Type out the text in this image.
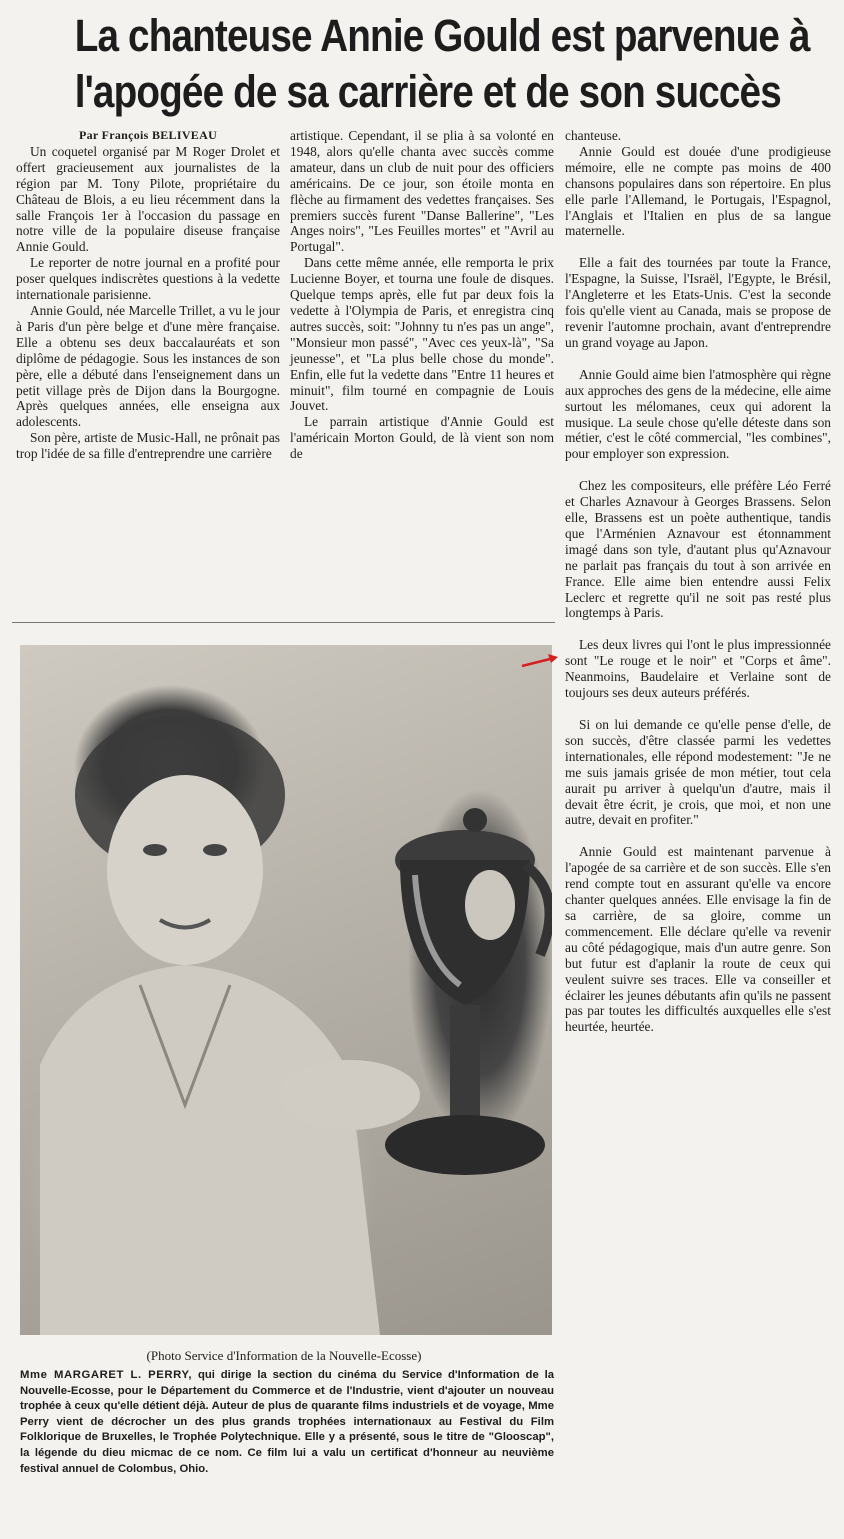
La chanteuse Annie Gould est parvenue à
l'apogée de sa carrière et de son succès
Par François BELIVEAU

Un coquetel organisé par M Roger Drolet et offert gracieusement aux journalistes de la région par M. Tony Pilote, propriétaire du Château de Blois, a eu lieu récemment dans la salle François 1er à l'occasion du passage en notre ville de la populaire diseuse française Annie Gould.

Le reporter de notre journal en a profité pour poser quelques indiscrètes questions à la vedette internationale parisienne.

Annie Gould, née Marcelle Trillet, a vu le jour à Paris d'un père belge et d'une mère française. Elle a obtenu ses deux baccalauréats et son diplôme de pédagogie. Sous les instances de son père, elle a débuté dans l'enseignement dans un petit village près de Dijon dans la Bourgogne. Après quelques années, elle enseigna aux adolescents.

Son père, artiste de Music-Hall, ne prônait pas trop l'idée de sa fille d'entreprendre une carrière

artistique. Cependant, il se plia à sa volonté en 1948, alors qu'elle chanta avec succès comme amateur, dans un club de nuit pour des officiers américains. De ce jour, son étoile monta en flèche au firmament des vedettes françaises. Ses premiers succès furent "Danse Ballerine", "Les Anges noirs", "Les Feuilles mortes" et "Avril au Portugal".

Dans cette même année, elle remporta le prix Lucienne Boyer, et tourna une foule de disques. Quelque temps après, elle fut par deux fois la vedette à l'Olympia de Paris, et enregistra cinq autres succès, soit: "Johnny tu n'es pas un ange", "Monsieur mon passé", "Avec ces yeux-là", "Sa jeunesse", et "La plus belle chose du monde". Enfin, elle fut la vedette dans "Entre 11 heures et minuit", film tourné en compagnie de Louis Jouvet.

Le parrain artistique d'Annie Gould est l'américain Morton Gould, de là vient son nom de

chanteuse.

Annie Gould est douée d'une prodigieuse mémoire, elle ne compte pas moins de 400 chansons populaires dans son répertoire. En plus elle parle l'Allemand, le Portugais, l'Espagnol, l'Anglais et l'Italien en plus de sa langue maternelle.

Elle a fait des tournées par toute la France, l'Espagne, la Suisse, l'Israël, l'Egypte, le Brésil, l'Angleterre et les Etats-Unis. C'est la seconde fois qu'elle vient au Canada, mais se propose de revenir l'automne prochain, avant d'entreprendre un grand voyage au Japon.

Annie Gould aime bien l'atmosphère qui règne aux approches des gens de la médecine, elle aime surtout les mélomanes, ceux qui adorent la musique. La seule chose qu'elle déteste dans son métier, c'est le côté commercial, "les combines", pour employer son expression.

Chez les compositeurs, elle préfère Léo Ferré et Charles Aznavour à Georges Brassens. Selon elle, Brassens est un poète authentique, tandis que l'Arménien Aznavour est étonnamment imagé dans son tyle, d'autant plus qu'Aznavour ne parlait pas français du tout à son arrivée en France. Elle aime bien entendre aussi Felix Leclerc et regrette qu'il ne soit pas resté plus longtemps à Paris.

Les deux livres qui l'ont le plus impressionnée sont "Le rouge et le noir" et "Corps et âme". Neanmoins, Baudelaire et Verlaine sont de toujours ses deux auteurs préférés.

Si on lui demande ce qu'elle pense d'elle, de son succès, d'être classée parmi les vedettes internationales, elle répond modestement: "Je ne me suis jamais grisée de mon métier, tout cela aurait pu arriver à quelqu'un d'autre, mais il devait être écrit, je crois, que moi, et non une autre, devait en profiter."

Annie Gould est maintenant parvenue à l'apogée de sa carrière et de son succès. Elle s'en rend compte tout en assurant qu'elle va encore chanter quelques années. Elle envisage la fin de sa carrière, de sa gloire, comme un commencement. Elle déclare qu'elle va revenir au côté pédagogique, mais d'un autre genre. Son but futur est d'aplanir la route de ceux qui veulent suivre ses traces. Elle va conseiller et éclairer les jeunes débutants afin qu'ils ne passent pas par toutes les difficultés auxquelles elle s'est heurtée, heurtée.

(Photo Service d'Information de la Nouvelle-Ecosse)
Mme MARGARET L. PERRY, qui dirige la section du cinéma du Service d'Information de la Nouvelle-Ecosse, pour le Département du Commerce et de l'Industrie, vient d'ajouter un nouveau trophée à ceux qu'elle détient déjà. Auteur de plus de quarante films industriels et de voyage, Mme Perry vient de décrocher un des plus grands trophées internationaux au Festival du Film Folklorique de Bruxelles, le Trophée Polytechnique. Elle y a présenté, sous le titre de "Glooscap", la légende du dieu micmac de ce nom. Ce film lui a valu un certificat d'honneur au neuvième festival annuel de Colombus, Ohio.
